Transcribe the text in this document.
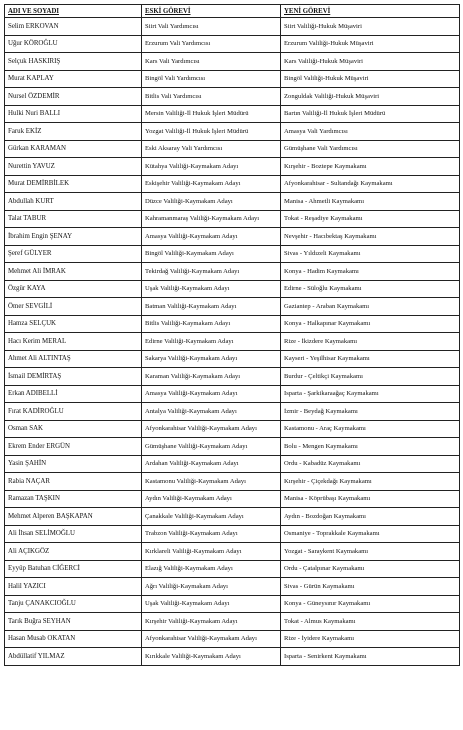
ADI VE SOYADI	ESKİ GÖREVİ	YENİ GÖREVİ
Selim ERKOVAN	Siirt Vali Yardımcısı	Siirt Valiliği-Hukuk Müşaviri
Uğur KÖROĞLU	Erzurum Vali Yardımcısı	Erzurum Valiliği-Hukuk Müşaviri
Selçuk HASKIRIŞ	Kars Vali Yardımcısı	Kars Valiliği-Hukuk Müşaviri
Murat KAPLAY	Bingöl Vali Yardımcısı	Bingöl Valiliği-Hukuk Müşaviri
Nursel ÖZDEMİR	Bitlis Vali Yardımcısı	Zonguldak Valiliği-Hukuk Müşaviri
Hulki Nuri BALLI	Mersin Valiliği-İl Hukuk İşleri Müdürü	Bartın Valiliği-İl Hukuk İşleri Müdürü
Faruk EKİZ	Yozgat Valiliği-İl Hukuk İşleri Müdürü	Amasya Vali Yardımcısı
Gürkan KARAMAN	Eski Aksaray Vali Yardımcısı	Gümüşhane Vali Yardımcısı
Nurettin YAVUZ	Kütahya Valiliği-Kaymakam Adayı	Kırşehir - Boztepe Kaymakamı
Murat DEMİRBİLEK	Eskişehir Valiliği-Kaymakam Adayı	Afyonkarahisar - Sultandağı Kaymakamı
Abdullah KURT	Düzce Valiliği-Kaymakam Adayı	Manisa - Ahmetli Kaymakamı
Talat TABUR	Kahramanmaraş Valiliği-Kaymakam Adayı	Tokat - Reşadiye Kaymakamı
İbrahim Engin ŞENAY	Amasya Valiliği-Kaymakam Adayı	Nevşehir - Hacıbektaş Kaymakamı
Şeref GÜLYER	Bingöl Valiliği-Kaymakam Adayı	Sivas - Yıldızeli Kaymakamı
Mehmet Ali İMRAK	Tekirdağ Valiliği-Kaymakam Adayı	Konya - Hadim Kaymakamı
Özgür KAYA	Uşak Valiliği-Kaymakam Adayı	Edirne - Süloğlu Kaymakamı
Ömer SEVGİLİ	Batman Valiliği-Kaymakam Adayı	Gaziantep - Araban Kaymakamı
Hamza SELÇUK	Bitlis Valiliği-Kaymakam Adayı	Konya - Halkapınar Kaymakamı
Hacı Kerim MERAL	Edirne Valiliği-Kaymakam Adayı	Rize - İkizdere Kaymakamı
Ahmet Ali ALTINTAŞ	Sakarya Valiliği-Kaymakam Adayı	Kayseri - Yeşilhisar Kaymakamı
İsmail DEMİRTAŞ	Karaman Valiliği-Kaymakam Adayı	Burdur - Çeltikçi Kaymakamı
Erkan ADIBELLİ	Amasya Valiliği-Kaymakam Adayı	Isparta - Şarkikaraağaç Kaymakamı
Fırat KADİROĞLU	Antalya Valiliği-Kaymakam Adayı	İzmir - Beydağ Kaymakamı
Osman SAK	Afyonkarahisar Valiliği-Kaymakam Adayı	Kastamonu - Araç Kaymakamı
Ekrem Ender ERGÜN	Gümüşhane Valiliği-Kaymakam Adayı	Bolu - Mengen Kaymakamı
Yasin ŞAHİN	Ardahan Valiliği-Kaymakam Adayı	Ordu - Kabadüz Kaymakamı
Rabia NAÇAR	Kastamonu Valiliği-Kaymakam Adayı	Kırşehir - Çiçekdağı Kaymakamı
Ramazan TAŞKIN	Aydın Valiliği-Kaymakam Adayı	Manisa - Köprübaşı Kaymakamı
Mehmet Alperen BAŞKAPAN	Çanakkale Valiliği-Kaymakam Adayı	Aydın - Bozdoğan Kaymakamı
Ali İhsan SELİMOĞLU	Trabzon Valiliği-Kaymakam Adayı	Osmaniye - Toprakkale Kaymakamı
Ali AÇIKGÖZ	Kırklareli Valiliği-Kaymakam Adayı	Yozgat - Saraykent Kaymakamı
Eyyüp Batuhan CİĞERCİ	Elazığ Valiliği-Kaymakam Adayı	Ordu - Çatalpınar Kaymakamı
Halil YAZICI	Ağrı Valiliği-Kaymakam Adayı	Sivas - Gürün Kaymakamı
Tanju ÇANAKCIOĞLU	Uşak Valiliği-Kaymakam Adayı	Konya - Güneysınır Kaymakamı
Tarık Buğra SEYHAN	Kırşehir Valiliği-Kaymakam Adayı	Tokat - Almus Kaymakamı
Hasan Musab OKATAN	Afyonkarahisar Valiliği-Kaymakam Adayı	Rize - İyidere Kaymakamı
Abdüllatif YILMAZ	Kırıkkale Valiliği-Kaymakam Adayı	Isparta - Senirkent Kaymakamı
